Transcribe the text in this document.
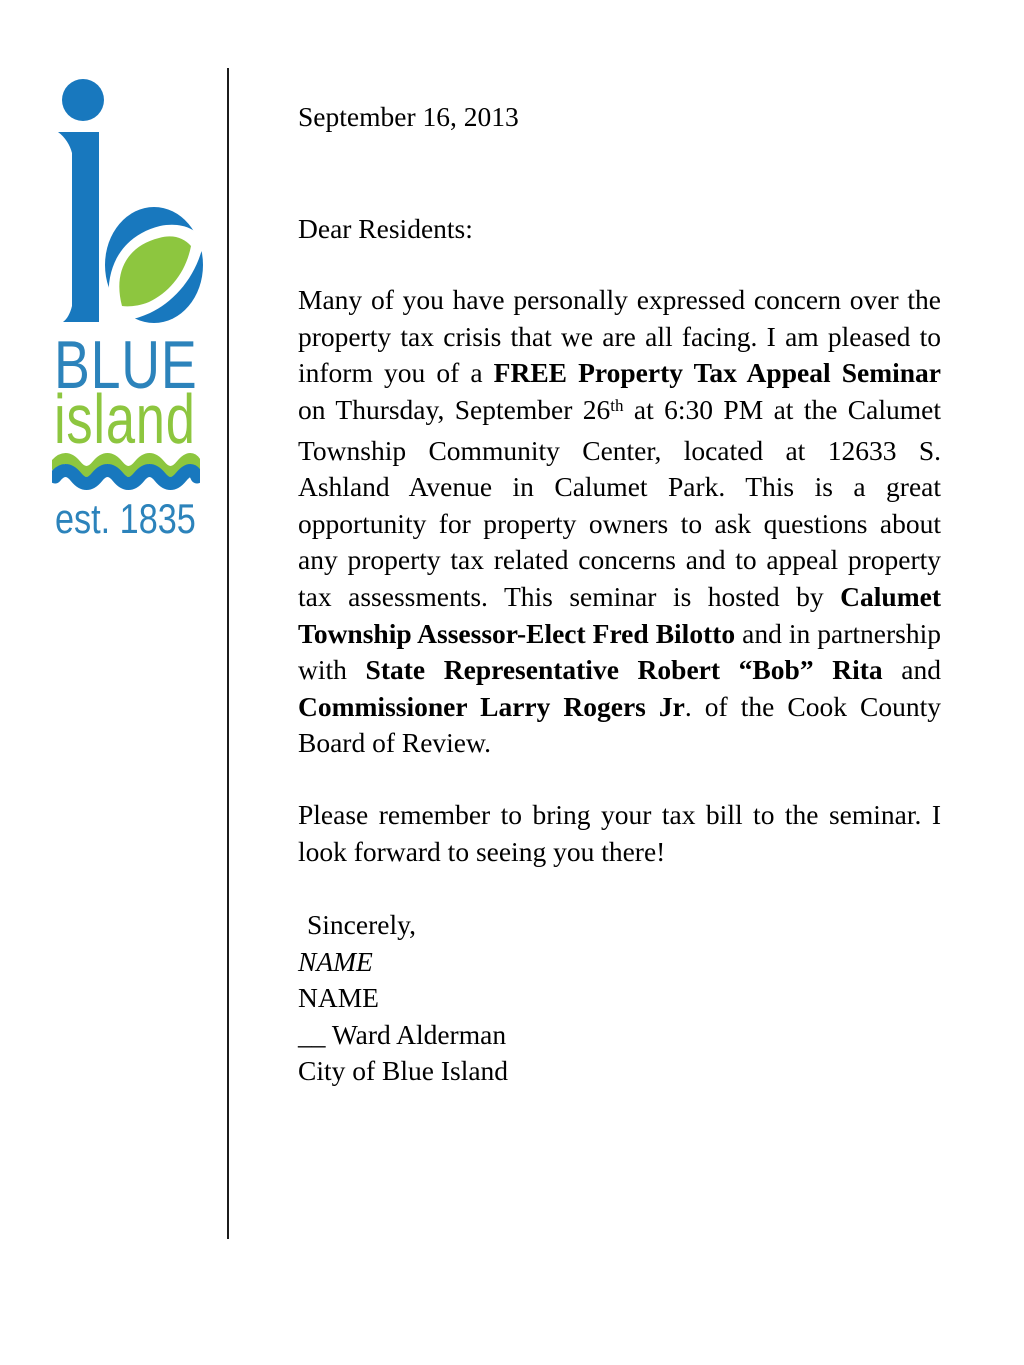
BLUE
island
est. 1835
September 16, 2013
Dear Residents:
Many of you have personally expressed concern over the property tax crisis that we are all facing. I am pleased to inform you of a FREE Property Tax Appeal Seminar on Thursday, September 26th at 6:30 PM at the Calumet Township Community Center, located at 12633 S. Ashland Avenue in Calumet Park. This is a great opportunity for property owners to ask questions about any property tax related concerns and to appeal property tax assessments. This seminar is hosted by Calumet Township Assessor-Elect Fred Bilotto and in partnership with State Representative Robert “Bob” Rita and Commissioner Larry Rogers Jr. of the Cook County Board of Review.
Please remember to bring your tax bill to the seminar. I look forward to seeing you there!
Sincerely,
NAME
NAME
__ Ward Alderman
City of Blue Island
